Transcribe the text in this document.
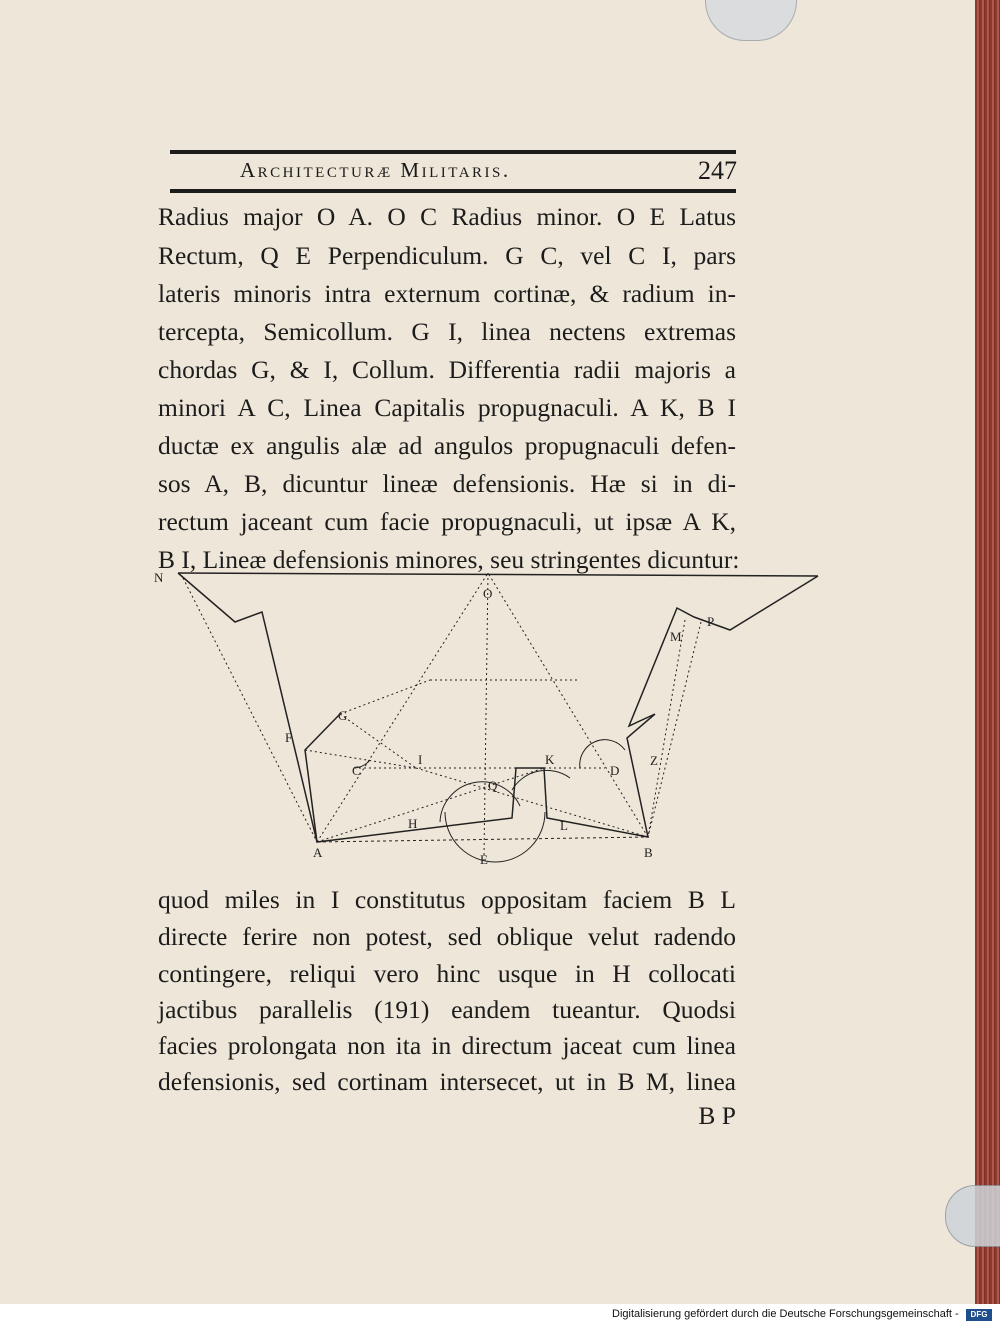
Architecturæ Militaris.	247
Radius major O A. O C Radius minor. O E Latus
Rectum, Q E Perpendiculum. G C, vel C I, pars
lateris minoris intra externum cortinæ, & radium in-
tercepta, Semicollum. G I, linea nectens extremas
chordas G, & I, Collum. Differentia radii majoris a
minori A C, Linea Capitalis propugnaculi. A K, B I
ductæ ex angulis alæ ad angulos propugnaculi defen-
sos A, B, dicuntur lineæ defensionis. Hæ si in di-
rectum jaceant cum facie propugnaculi, ut ipsæ A K,
B I, Lineæ defensionis minores, seu stringentes dicuntur:
N
O
P
M
G
F
C
I	K
D
Z
Q
H	L
A	E	B
quod miles in I constitutus oppositam faciem B L
directe ferire non potest, sed oblique velut radendo
contingere, reliqui vero hinc usque in H collocati
jactibus parallelis (191) eandem tueantur. Quodsi
facies prolongata non ita in directum jaceat cum linea
defensionis, sed cortinam intersecet, ut in B M, linea
B P
Digitalisierung gefördert durch die Deutsche Forschungsgemeinschaft -	DFG
